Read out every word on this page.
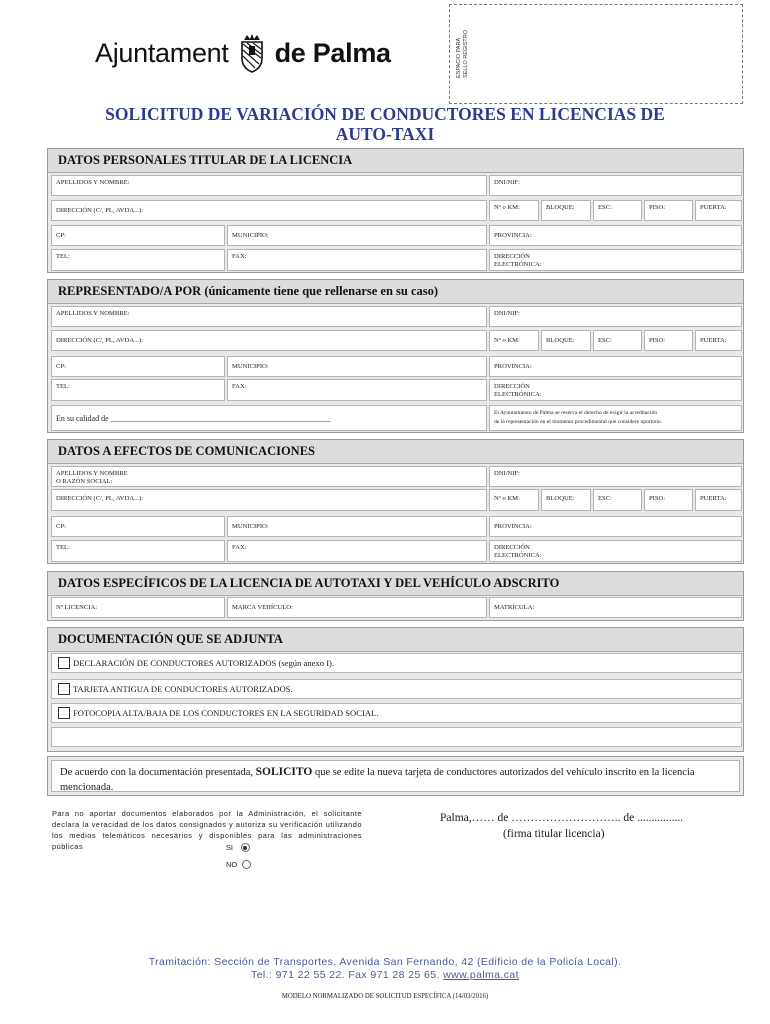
Ajuntament de Palma	ESPACIO PARA SELLO REGISTRO
SOLICITUD DE VARIACIÓN DE CONDUCTORES EN LICENCIAS DE
AUTO-TAXI
DATOS PERSONALES TITULAR DE LA LICENCIA
APELLIDOS Y NOMBRE:	DNI/NIF:
DIRECCIÓN (C/, PL, AVDA...):	Nº o KM:	BLOQUE:	ESC:	PISO:	PUERTA:
CP:	MUNICIPIO:	PROVINCIA:
TEL:	FAX:	DIRECCIÓN
ELECTRÓNICA:
REPRESENTADO/A POR (únicamente tiene que rellenarse en su caso)
APELLIDOS Y NOMBRE:	DNI/NIF:
DIRECCIÓN (C/, PL, AVDA...):	Nº o KM:	BLOQUE:	ESC:	PISO:	PUERTA:
CP:	MUNICIPIO:	PROVINCIA:
TEL:	FAX:	DIRECCIÓN
ELECTRÓNICA:
En su calidad de _______________________________________________________
El Ayuntamiento de Palma se reserva el derecho de exigir la acreditación
de la representación en el momento procedimental que considere oportuno.
DATOS A EFECTOS DE COMUNICACIONES
APELLIDOS Y NOMBRE
O RAZÓN SOCIAL:
DNI/NIF:
DIRECCIÓN (C/, PL, AVDA...):	Nº o KM:	BLOQUE:	ESC:	PISO:	PUERTA:
CP:	MUNICIPIO:	PROVINCIA:
TEL:	FAX:	DIRECCIÓN
ELECTRÓNICA:
DATOS ESPECÍFICOS DE LA LICENCIA DE AUTOTAXI Y DEL VEHÍCULO ADSCRITO
Nº LICENCIA:	MARCA VEHÍCULO:	MATRÍCULA:
DOCUMENTACIÓN QUE SE ADJUNTA
DECLARACIÓN DE CONDUCTORES AUTORIZADOS (según anexo I).
TARJETA ANTIGUA DE CONDUCTORES AUTORIZADOS.
FOTOCOPIA ALTA/BAJA DE LOS CONDUCTORES EN LA SEGURIDAD SOCIAL.
De acuerdo con la documentación presentada, SOLICITO que se edite la nueva tarjeta de conductores autorizados del vehículo inscrito en la licencia mencionada.
Para no aportar documentos elaborados por la Administración, el solicitante declara la veracidad de los datos consignados y autoriza su verificación utilizando los medios telemáticos necesarios y disponibles para las administraciones públicas	SI
NO
Palma,…… de ……………………….. de ................
(firma titular licencia)
Tramitación: Sección de Transportes. Avenida San Fernando, 42 (Edificio de la Policía Local).
Tel.: 971 22 55 22. Fax 971 28 25 65. www.palma.cat
MODELO NORMALIZADO DE SOLICITUD ESPECÍFICA (14/03/2016)
